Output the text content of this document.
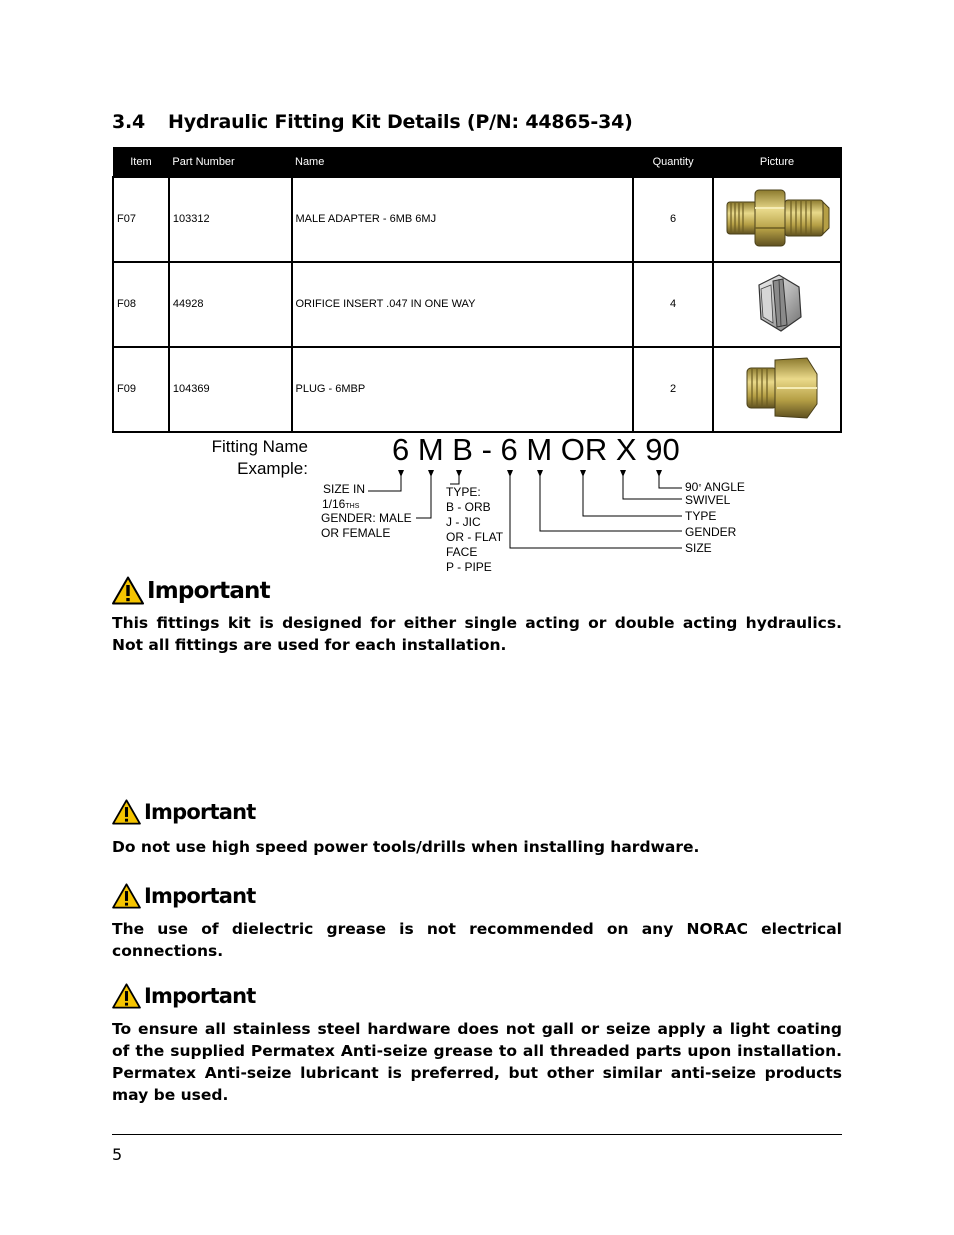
3.4 Hydraulic Fitting Kit Details (P/N: 44865-34)
Item	Part Number	Name	Quantity	Picture
F07	103312	MALE ADAPTER - 6MB 6MJ	6	
F08	44928	ORIFICE INSERT .047 IN ONE WAY	4	
F09	104369	PLUG - 6MBP	2	
Fitting Name
Example:
6 M B - 6 M OR X 90
SIZE IN
1/16THS
GENDER: MALE
OR FEMALE
TYPE:
B - ORB
J - JIC
OR - FLAT
FACE
P - PIPE
90° ANGLE
SWIVEL
TYPE
GENDER
SIZE
Important
This fittings kit is designed for either single acting or double acting hydraulics. Not all fittings are used for each installation.
Important
Do not use high speed power tools/drills when installing hardware.
Important
The use of dielectric grease is not recommended on any NORAC electrical connections.
Important
To ensure all stainless steel hardware does not gall or seize apply a light coating of the supplied Permatex Anti-seize grease to all threaded parts upon installation. Permatex Anti-seize lubricant is preferred, but other similar anti-seize products may be used.
5
